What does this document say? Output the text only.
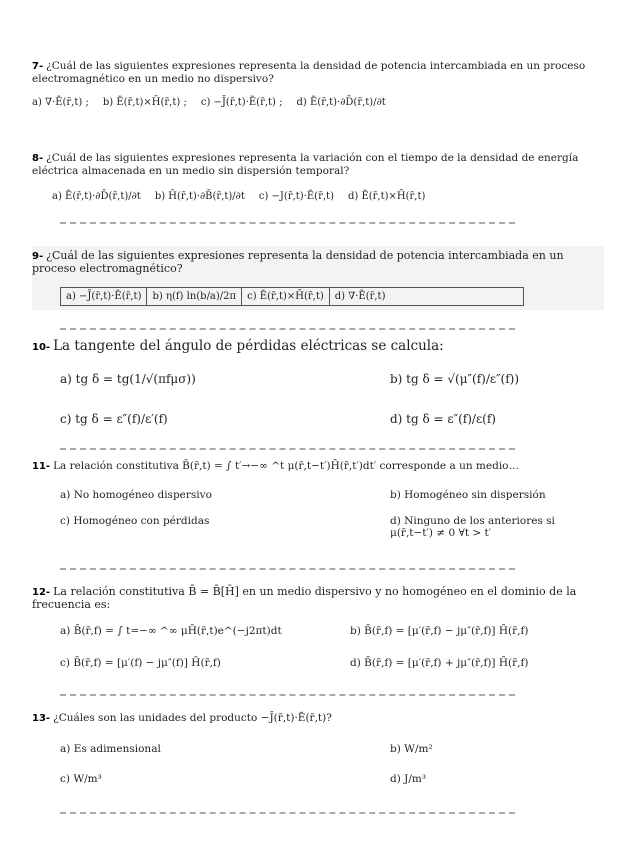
7- ¿Cuál de las siguientes expresiones representa la densidad de potencia intercambiada en un proceso electromagnético en un medio no dispersivo?
a) ∇·Ē(r̄,t) ; b) Ē(r̄,t)×H̄(r̄,t) ; c) −J̄(r̄,t)·Ē(r̄,t) ; d) Ē(r̄,t)·∂D̄(r̄,t)/∂t
8- ¿Cuál de las siguientes expresiones representa la variación con el tiempo de la densidad de energía eléctrica almacenada en un medio sin dispersión temporal?
a) Ē(r̄,t)·∂D̄(r̄,t)/∂t b) H̄(r̄,t)·∂B̄(r̄,t)/∂t c) −J(r̄,t)·Ē(r̄,t) d) Ē(r̄,t)×H̄(r̄,t)
9- ¿Cuál de las siguientes expresiones representa la densidad de potencia intercambiada en un proceso electromagnético?
a) −J̄(r̄,t)·Ē(r̄,t)	b) η(f) ln(b/a)/2π	c) Ē(r̄,t)×H̄(r̄,t)	d) ∇·Ē(r̄,t)
10- La tangente del ángulo de pérdidas eléctricas se calcula:
a) tg δ = tg(1/√(πfμσ))	b) tg δ = √(μ″(f)/ε″(f))
c) tg δ = ε″(f)/ε′(f)	d) tg δ = ε″(f)/ε(f)
11- La relación constitutiva B̄(r̄,t) = ∫ t′→−∞ ^t μ(r̄,t−t′)H̄(r̄,t′)dt′ corresponde a un medio…
a) No homogéneo dispersivo	b) Homogéneo sin dispersión
c) Homogéneo con pérdidas	d) Ninguno de los anteriores si μ(r̄,t−t′) ≠ 0 ∀t > t′
12- La relación constitutiva B̄ = B̄[H̄] en un medio dispersivo y no homogéneo en el dominio de la frecuencia es:
a) B̄(r̄,f) = ∫ t=−∞ ^∞ μH̄(r̄,t)e^(−j2πt)dt	b) B̄(r̄,f) = [μ′(r̄,f) − jμ″(r̄,f)] H̄(r̄,f)
c) B̄(r̄,f) = [μ′(f) − jμ″(f)] H̄(r̄,f)	d) B̄(r̄,f) = [μ′(r̄,f) + jμ″(r̄,f)] H̄(r̄,f)
13- ¿Cuáles son las unidades del producto −J̄(r̄,t)·Ē(r̄,t)?
a) Es adimensional	b) W/m²
c) W/m³	d) J/m³
